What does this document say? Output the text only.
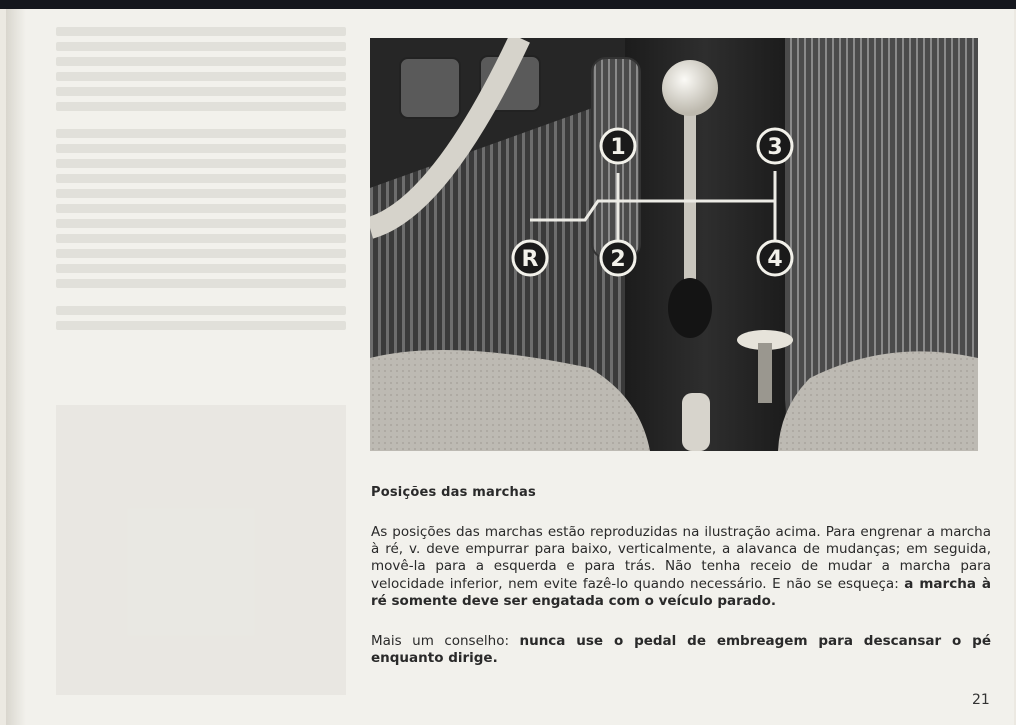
1	3
R	2	4
Posições das marchas
As posições das marchas estão reproduzidas na ilustração acima. Para engrenar a marcha à ré, v. deve empurrar para baixo, verticalmente, a alavanca de mudanças; em seguida, movê-la para a esquerda e para trás. Não tenha receio de mudar a marcha para velocidade inferior, nem evite fazê-lo quando necessário. E não se esqueça: a marcha à ré somente deve ser engatada com o veículo parado.
Mais um conselho: nunca use o pedal de embreagem para descansar o pé enquanto dirige.
21
